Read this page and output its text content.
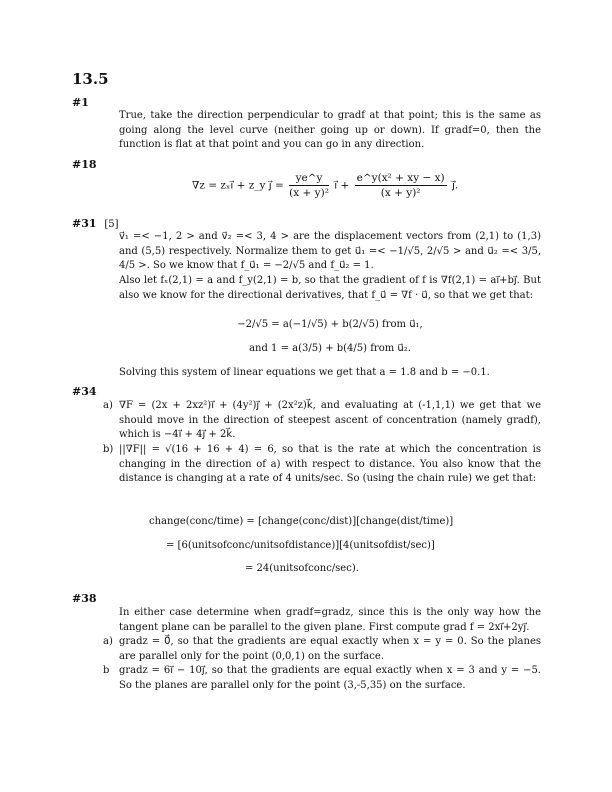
13.5
#1
True, take the direction perpendicular to gradf at that point; this is the same as going along the level curve (neither going up or down). If gradf=0, then the function is flat at that point and you can go in any direction.
#18
∇z = zₓi⃗ + z_y j⃗ = $\frac{ye\^{}y}{\text{(x + y)²}}$ i⃗ + $\frac{\text{e\textasciicircum{}y(x² + xy − x)}}{\text{(x + y)²}}$ j⃗.
#31 [5]
v⃗₁ =< −1, 2 > and v⃗₂ =< 3, 4 > are the displacement vectors from (2,1) to (1,3) and (5,5) respectively. Normalize them to get u⃗₁ =< −1/√5, 2/√5 > and u⃗₂ =< 3/5, 4/5 >. So we know that f_u⃗₁ = −2/√5 and f_u⃗₂ = 1.
Also let fₓ(2,1) = a and f_y(2,1) = b, so that the gradient of f is ∇f(2,1) = ai⃗+bj⃗. But also we know for the directional derivatives, that f_u⃗ = ∇f · u⃗, so that we get that:
−2/√5 = a(−1/√5) + b(2/√5) from u⃗₁,
and 1 = a(3/5) + b(4/5) from u⃗₂.
Solving this system of linear equations we get that a = 1.8 and b = −0.1.
#34
a) ∇F = (2x + 2xz²)i⃗ + (4y²)j⃗ + (2x²z)k⃗, and evaluating at (-1,1,1) we get that we should move in the direction of steepest ascent of concentration (namely gradf), which is −4i⃗ + 4j⃗ + 2k⃗.
b) ||∇F|| = √(16 + 16 + 4) = 6, so that is the rate at which the concentration is changing in the direction of a) with respect to distance. You also know that the distance is changing at a rate of 4 units/sec. So (using the chain rule) we get that:
change(conc/time) = [change(conc/dist)][change(dist/time)]
= [6(unitsofconc/unitsofdistance)][4(unitsofdist/sec)]
= 24(unitsofconc/sec).
#38
In either case determine when gradf=gradz, since this is the only way how the tangent plane can be parallel to the given plane. First compute grad f = 2xi⃗+2yj⃗.
a) gradz = 0⃗, so that the gradients are equal exactly when x = y = 0. So the planes are parallel only for the point (0,0,1) on the surface.
b gradz = 6i⃗ − 10j⃗, so that the gradients are equal exactly when x = 3 and y = −5. So the planes are parallel only for the point (3,-5,35) on the surface.
